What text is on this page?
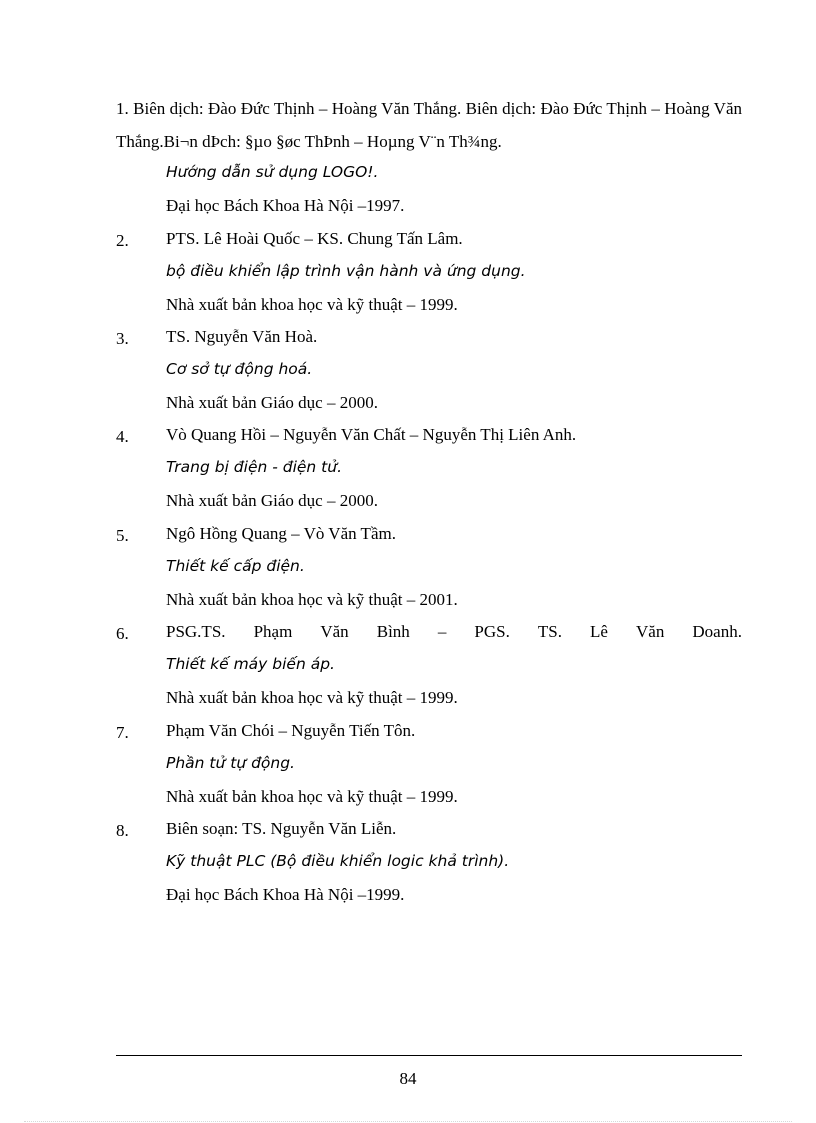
1. Biên dịch: Đào Đức Thịnh – Hoàng Văn Thắng. Biên dịch: Đào Đức Thịnh – Hoàng Văn Thắng.Bi¬n dÞch: §µo §øc ThÞnh – Hoµng V¨n Th¾ng.
Hướng dẫn sử dụng LOGO!.
Đại học Bách Khoa Hà Nội –1997.
2. PTS. Lê Hoài Quốc – KS. Chung Tấn Lâm.
bộ điều khiển lập trình vận hành và ứng dụng.
Nhà xuất bản khoa học và kỹ thuật – 1999.
3. TS. Nguyễn Văn Hoà.
Cơ sở tự động hoá.
Nhà xuất bản Giáo dục – 2000.
4. Vò Quang Hồi – Nguyễn Văn Chất – Nguyễn Thị Liên Anh.
Trang bị điện - điện tử.
Nhà xuất bản Giáo dục – 2000.
5. Ngô Hồng Quang – Vò Văn Tầm.
Thiết kế cấp điện.
Nhà xuất bản khoa học và kỹ thuật – 2001.
6. PSG.TS. Phạm Văn Bình – PGS. TS. Lê Văn Doanh.
Thiết kế máy biến áp.
Nhà xuất bản khoa học và kỹ thuật – 1999.
7. Phạm Văn Chói – Nguyễn Tiến Tôn.
Phần tử tự động.
Nhà xuất bản khoa học và kỹ thuật – 1999.
8. Biên soạn: TS. Nguyễn Văn Liễn.
Kỹ thuật PLC (Bộ điều khiển logic khả trình).
Đại học Bách Khoa Hà Nội –1999.
84
